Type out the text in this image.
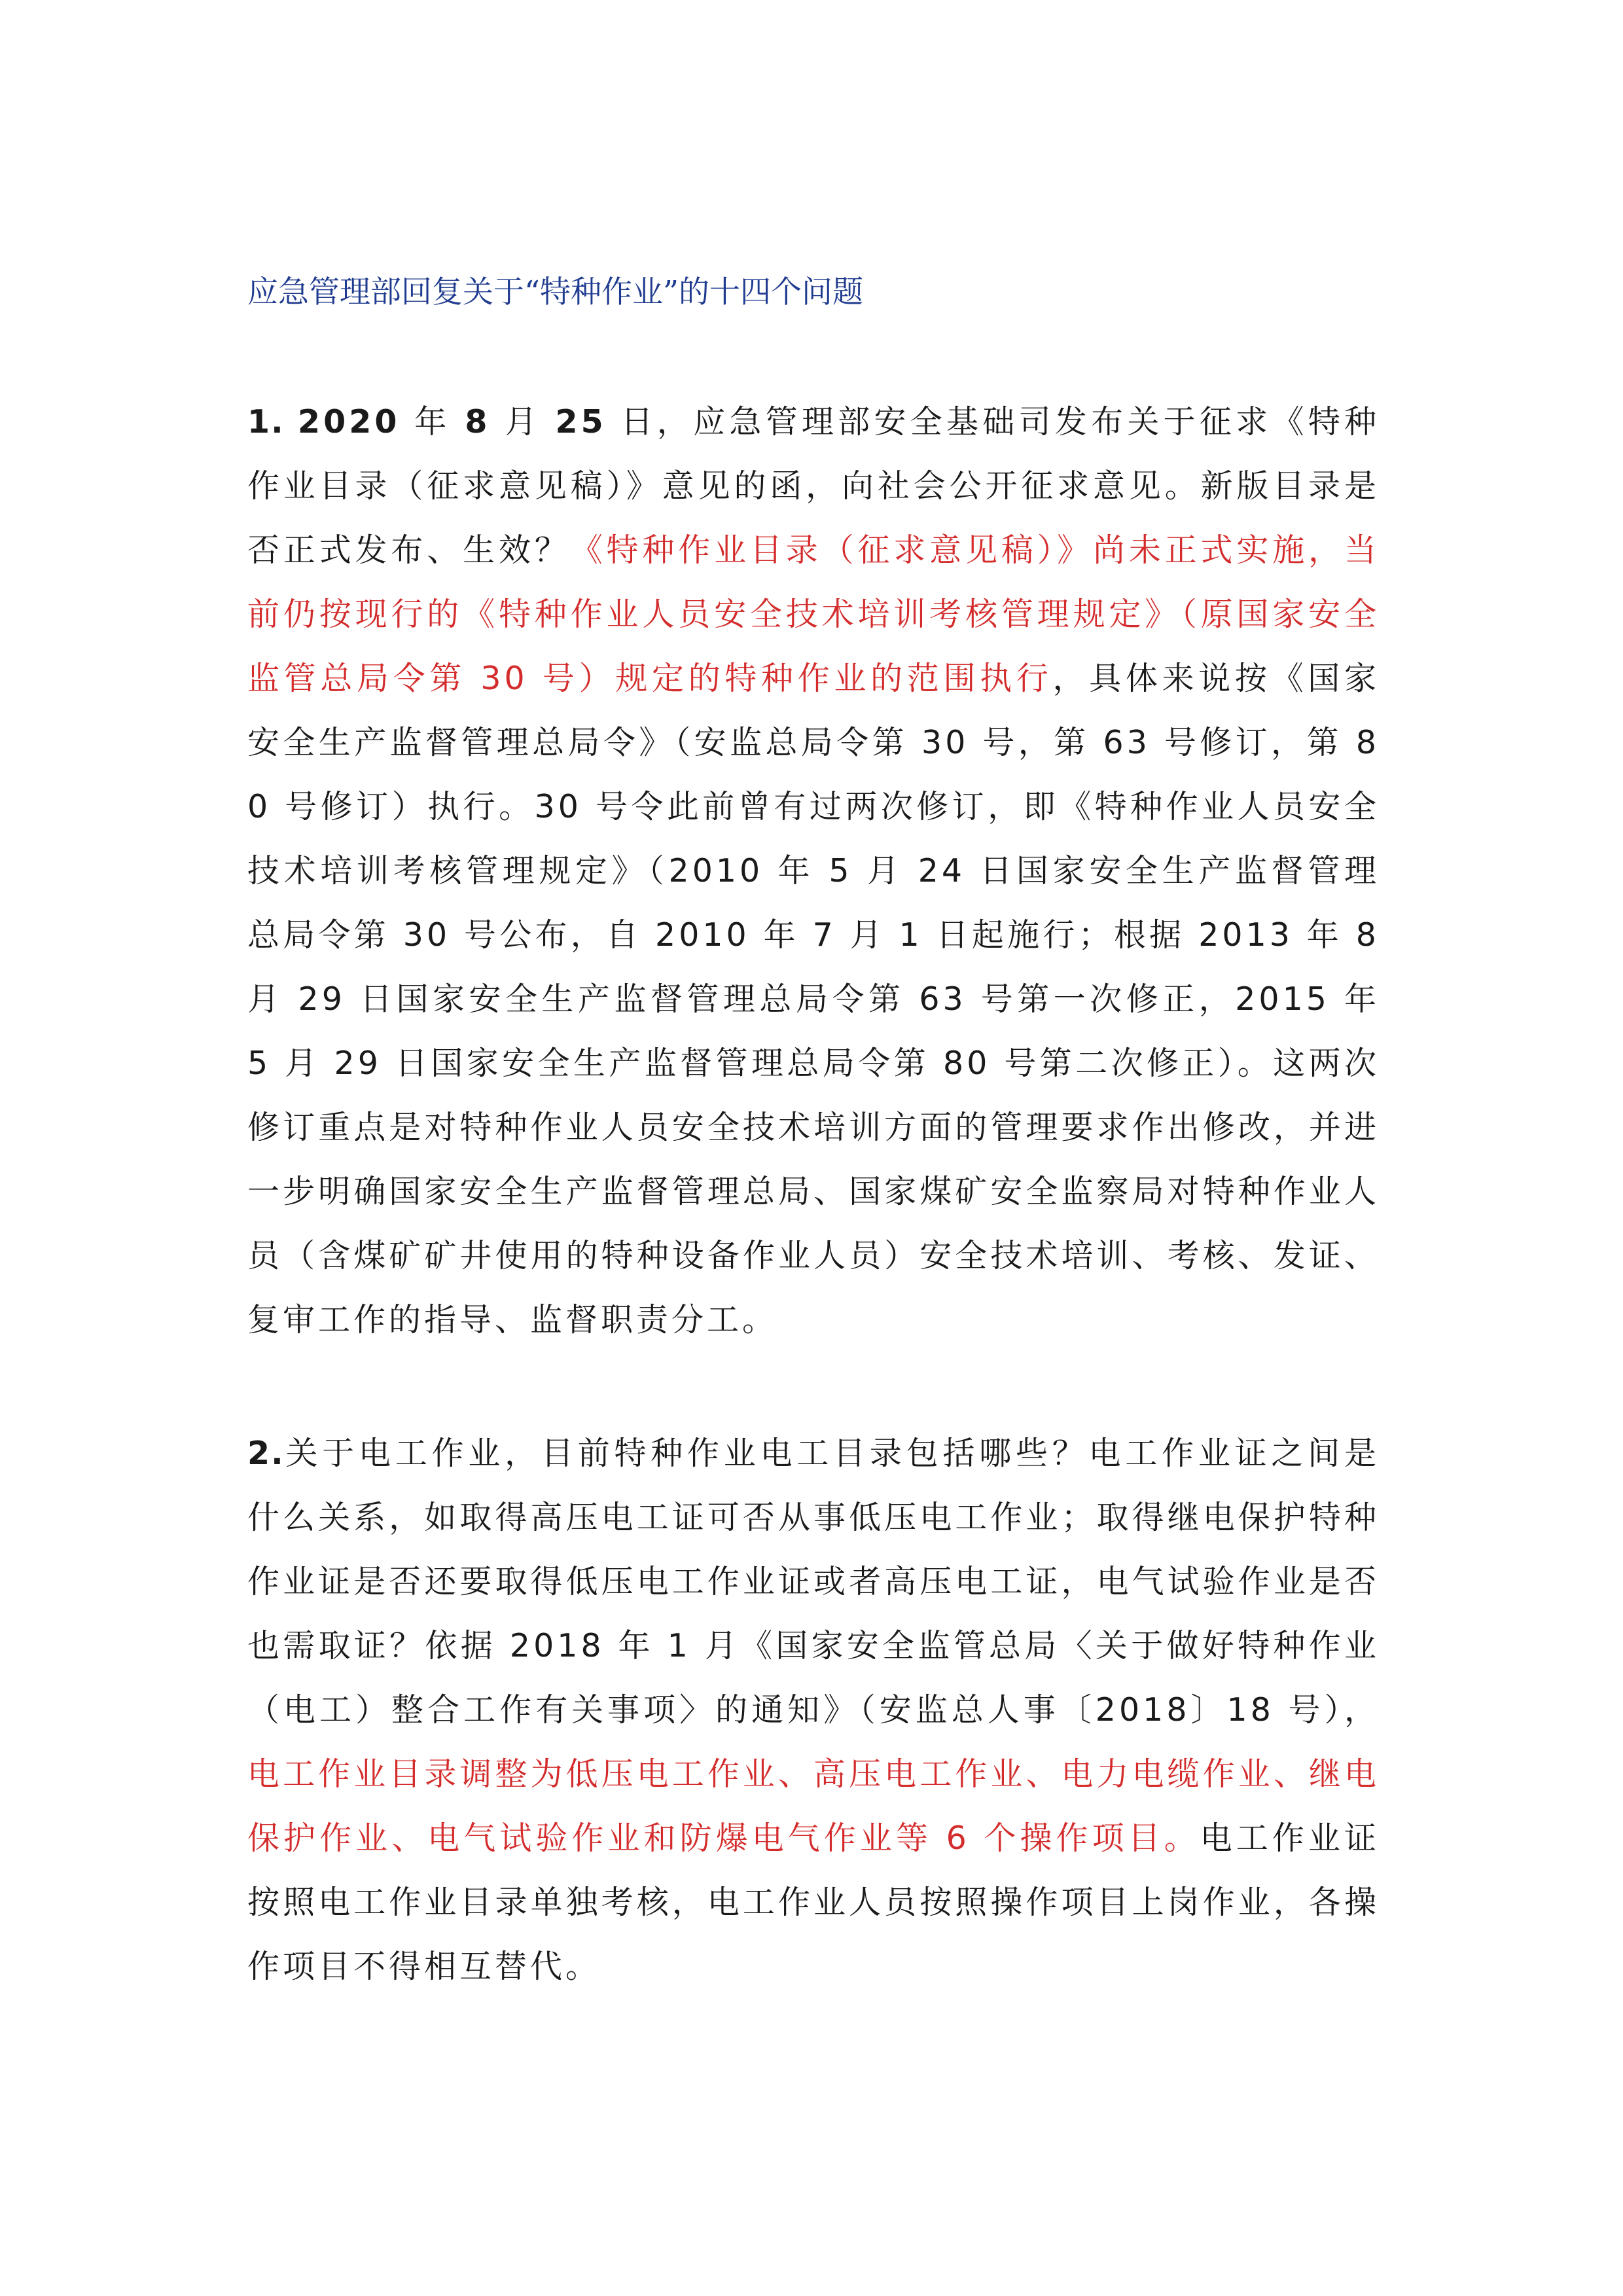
应急管理部回复关于“特种作业”的十四个问题
1. 2020 年 8 月 25 日，应急管理部安全基础司发布关于征求《特种作业目录（征求意见稿）》意见的函，向社会公开征求意见。新版目录是否正式发布、生效？《特种作业目录（征求意见稿）》尚未正式实施，当前仍按现行的《特种作业人员安全技术培训考核管理规定》（原国家安全监管总局令第 30 号）规定的特种作业的范围执行，具体来说按《国家安全生产监督管理总局令》（安监总局令第 30 号，第 63 号修订，第 80 号修订）执行。30 号令此前曾有过两次修订，即《特种作业人员安全技术培训考核管理规定》（2010 年 5 月 24 日国家安全生产监督管理总局令第 30 号公布，自 2010 年 7 月 1 日起施行；根据 2013 年 8 月 29 日国家安全生产监督管理总局令第 63 号第一次修正，2015 年 5 月 29 日国家安全生产监督管理总局令第 80 号第二次修正）。这两次修订重点是对特种作业人员安全技术培训方面的管理要求作出修改，并进一步明确国家安全生产监督管理总局、国家煤矿安全监察局对特种作业人员（含煤矿矿井使用的特种设备作业人员）安全技术培训、考核、发证、复审工作的指导、监督职责分工。
2.关于电工作业，目前特种作业电工目录包括哪些？电工作业证之间是什么关系，如取得高压电工证可否从事低压电工作业；取得继电保护特种作业证是否还要取得低压电工作业证或者高压电工证，电气试验作业是否也需取证？依据 2018 年 1 月《国家安全监管总局〈关于做好特种作业（电工）整合工作有关事项〉的通知》（安监总人事〔2018〕18 号），电工作业目录调整为低压电工作业、高压电工作业、电力电缆作业、继电保护作业、电气试验作业和防爆电气作业等 6 个操作项目。电工作业证按照电工作业目录单独考核，电工作业人员按照操作项目上岗作业，各操作项目不得相互替代。
